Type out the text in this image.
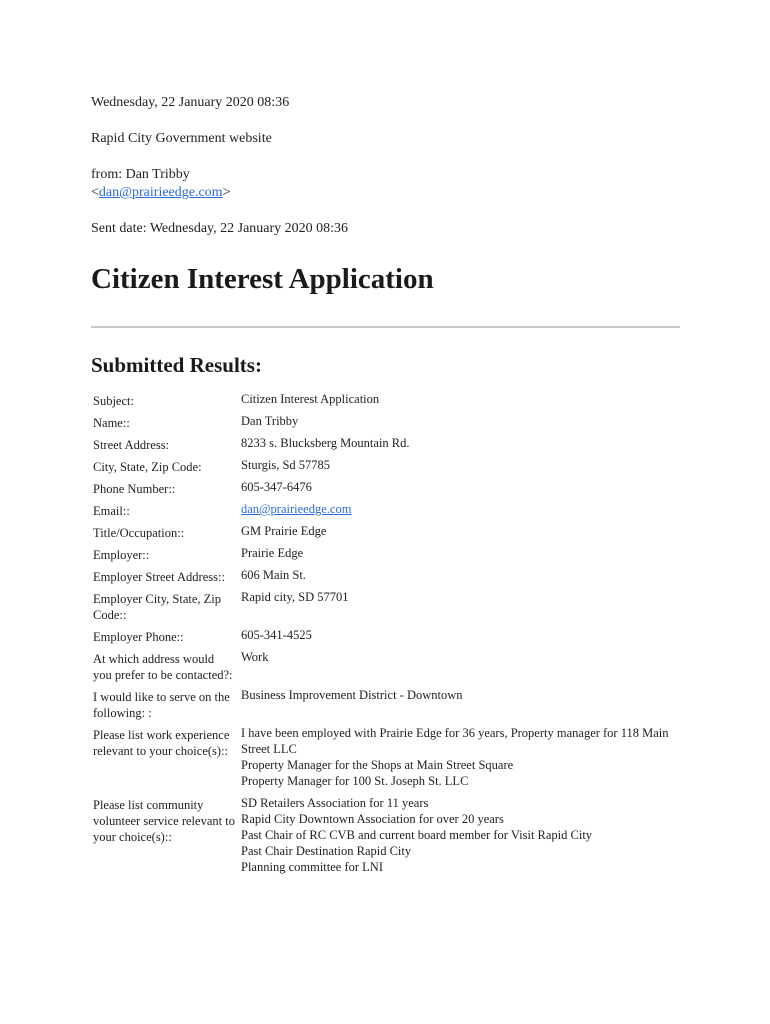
Wednesday, 22 January 2020 08:36

Rapid City Government website

from: Dan Tribby

<dan@prairieedge.com>

Sent date: Wednesday, 22 January 2020 08:36

Citizen Interest Application
Submitted Results:
Subject:	Citizen Interest Application

Name::	Dan Tribby

Street Address:	8233 s. Blucksberg Mountain Rd.

City, State, Zip Code:	Sturgis, Sd 57785

Phone Number::	605-347-6476

Email::	dan@prairieedge.com

Title/Occupation::	GM Prairie Edge

Employer::	Prairie Edge

Employer Street Address::	606 Main St.

Employer City, State, Zip Code::	Rapid city, SD 57701

Employer Phone::	605-341-4525

At which address would you prefer to be contacted?:	Work

I would like to serve on the following: :	Business Improvement District - Downtown

Please list work experience relevant to your choice(s)::	I have been employed with Prairie Edge for 36 years, Property manager for 118 Main Street LLC
Property Manager for the Shops at Main Street Square
Property Manager for 100 St. Joseph St. LLC

Please list community volunteer service relevant to your choice(s)::	SD Retailers Association for 11 years
Rapid City Downtown Association for over 20 years
Past Chair of RC CVB and current board member for Visit Rapid City
Past Chair Destination Rapid City
Planning committee for LNI
